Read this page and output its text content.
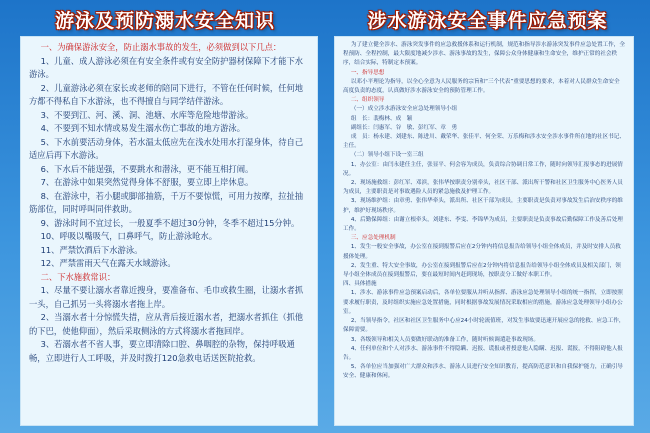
游泳及预防溺水安全知识	涉水游泳安全事件应急预案

一、为确保游泳安全，防止溺水事故的发生，必须做到以下几点：

1、儿童、成人游泳必须在有安全条件或有安全防护器材保障下才能下水游泳。

2、儿童游泳必须在家长或老师的陪同下进行，不管在任何时候，任何地方都不得私自下水游泳，也不得擅自与同学结伴游泳。

3、不要到江、河、溪、洞、池塘、水库等危险地带游泳。

4、不要到不知水情或易发生溺水伤亡事故的地方游泳。

5、下水前要活动身体，若水温太低应先在浅水处用水打湿身体，待自己适应后再下水游泳。

6、下水后不能逞强，不要跳水和潜泳，更不能互相打闹。

7、在游泳中如果突然觉得身体不舒服，要立即上岸休息。

8、在游泳中，若小腿或脚部抽筋，千万不要惊慌，可用力按摩，拉扯抽筋部位，同时呼叫同伴救助。

9、游泳时间不宜过长，一般夏季不超过30分钟，冬季不超过15分钟。

10、呼吸以嘴吸气，口鼻呼气，防止游泳呛水。

11、严禁饮酒后下水游泳。

12、严禁雷雨天气在露天水域游泳。

二、下水施救常识：

1、尽量不要让溺水者靠近搜身，要准备布、毛巾或救生圈，让溺水者抓一头，自己抓另一头将溺水者拖上岸。

2、当溺水者十分惊慌失措，应从背后接近溺水者，把溺水者抓住（抓他的下巴，使他仰面），然后采取侧泳的方式将溺水者拖回岸。

3、若溺水者不省人事，要立即清除口腔、鼻咽腔的杂物，保持呼吸通畅，立即进行人工呼吸，并及时拨打120急救电话送医院抢救。

为了建立健全涉水、游泳突发事件的应急救援体系和运行机制，规范和指导涉水游泳突发事件应急处置工作，全程预防、全程控制，最大限度地减少涉水、游泳事故的发生，保障公众身体健康和生命安全，维护正常的社会秩序，结合实际，特制定本预案。

一、指导思想

以邓小平理论为指导，以全心全意为人民服务的宗旨和“三个代表”重要思想的要求，本着对人民群众生命安全高度负责的态度，认真做好涉水游泳安全的预防管理工作。

二、组织领导

（一）成立涉水游泳安全应急处理领导小组

组　长：裴梅林、成　颖

副组长：闫惠军、谷　敏、彭红军、章　勇

成　员：杨永建、刘建东、陈进川、戴荣华、张佳平、何全荣、万乐梅和涉水安全涉水事件所在地的社区书记、主任。

（二）领导小组下设一室三组

1、办公室：由闫永建任主任，张显平、何会容为成员，负责综合协调日常工作，随时向领导汇报事态的进展情况。

2、现场施救组：彭红军、邓滨，张伟华按职责分别牵头，社区干部、派出所干警和社区卫生服务中心医务人员为成员，主要职责是对事故遇险人员的紧急施救及护理工作。

3、现场维护组：由章勇、张伟华牵头，派出所、社区干部为成员，主要职责是负责对事故发生后治安秩序的维护，维护好现场秩序。

4、后勤保障组：由谢立根牵头，刘建东、李雯、李锦华为成员，主要职责是负责事故后勤保障工作及善后处理工作。

三、应急处理机制

1、发生一般安全事故，办公室在接到报警后应在2分钟内将信息报告给领导小组全体成员，并及时安排人员救援体处理。

2、发生重、特大安全事故，办公室在接到报警后应在2分钟内将信息报告给领导小组全体成员及相关部门，领导小组全体成员在接到报警后，要在最短时间内赶到现场，按职责分工做好本职工作。

四、具体措施

1、涉水、游泳事件应急预案启动后，各单位要服从并听从指挥、游泳应急处理领导小组的统一指挥，立即按照要求履行职责，及时组织实施应急处置措施，同时根据事故发展情况采取相应的措施，游泳应急处理领导小组办公室。

2、当领导指令，社区和社区卫生服务中心应24小时轮流值班，对发生事故要迅速开展应急的抢救、应急工作，保障需要。

3、各级领导和相关人员要做好联动的准备工作，随时听候调遣赴事故现场。

4、任何单位和个人对涉水、游泳事件不得隐瞒、迟报、谎报或者授意他人隐瞒、迟报、谎报，不得阻碍他人报告。

5、各单位应当加强对广大群众和涉水、游泳人员进行安全知识教育，提高防范意识和自我保护能力，正确引导安全、健康和休闲。
